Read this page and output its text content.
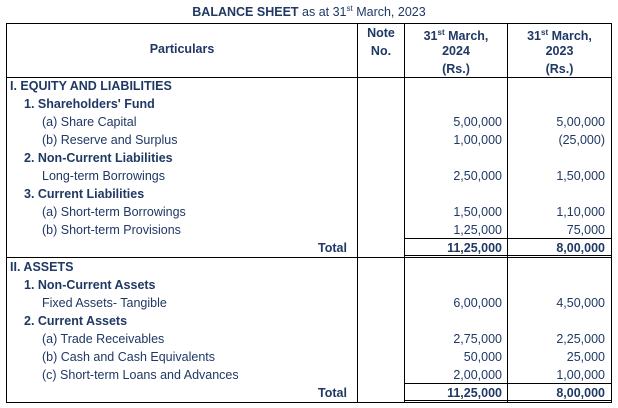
BALANCE SHEET as at 31st March, 2023
Particulars
Note
No.
31st March,
2024
(Rs.)
31st March,
2023
(Rs.)
I. EQUITY AND LIABILITIES
1. Shareholders' Fund
(a) Share Capital
(b) Reserve and Surplus
2. Non-Current Liabilities
Long-term Borrowings
3. Current Liabilities
(a) Short-term Borrowings
(b) Short-term Provisions
Total
II. ASSETS
1. Non-Current Assets
Fixed Assets- Tangible
2. Current Assets
(a) Trade Receivables
(b) Cash and Cash Equivalents
(c) Short-term Loans and Advances
Total
5,00,000
1,00,000
2,50,000
1,50,000
1,25,000
11,25,000
6,00,000
2,75,000
50,000
2,00,000
11,25,000
5,00,000
(25,000)
1,50,000
1,10,000
75,000
8,00,000
4,50,000
2,25,000
25,000
1,00,000
8,00,000
